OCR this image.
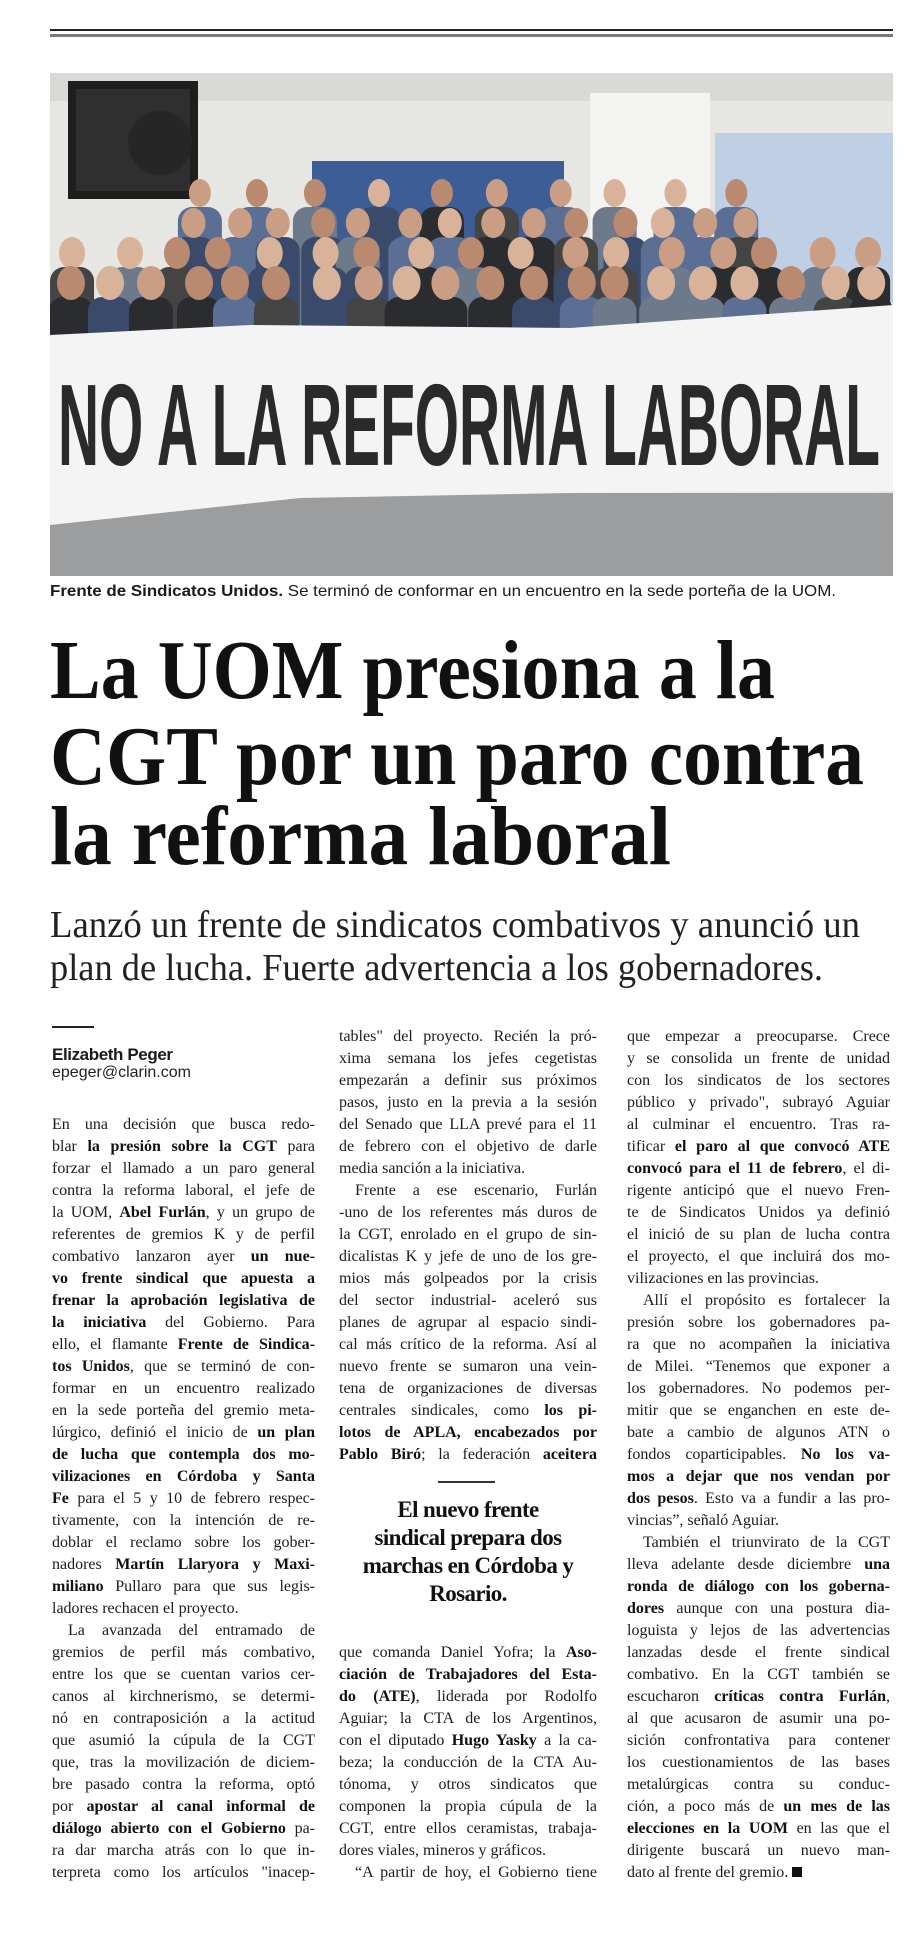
NO A LA REFORMA LABORAL
Frente de Sindicatos Unidos. Se terminó de conformar en un encuentro en la sede porteña de la UOM.
La UOM presiona a la
CGT por un paro contra
la reforma laboral
Lanzó un frente de sindicatos combativos y anunció un
plan de lucha. Fuerte advertencia a los gobernadores.
Elizabeth Peger
epeger@clarin.com
En una decisión que busca redo-
blar la presión sobre la CGT para
forzar el llamado a un paro general
contra la reforma laboral, el jefe de
la UOM, Abel Furlán, y un grupo de
referentes de gremios K y de perfil
combativo lanzaron ayer un nue-
vo frente sindical que apuesta a
frenar la aprobación legislativa de
la iniciativa del Gobierno. Para
ello, el flamante Frente de Sindica-
tos Unidos, que se terminó de con-
formar en un encuentro realizado
en la sede porteña del gremio meta-
lúrgico, definió el inicio de un plan
de lucha que contempla dos mo-
vilizaciones en Córdoba y Santa
Fe para el 5 y 10 de febrero respec-
tivamente, con la intención de re-
doblar el reclamo sobre los gober-
nadores Martín Llaryora y Maxi-
miliano Pullaro para que sus legis-
ladores rechacen el proyecto.
La avanzada del entramado de
gremios de perfil más combativo,
entre los que se cuentan varios cer-
canos al kirchnerismo, se determi-
nó en contraposición a la actitud
que asumió la cúpula de la CGT
que, tras la movilización de diciem-
bre pasado contra la reforma, optó
por apostar al canal informal de
diálogo abierto con el Gobierno pa-
ra dar marcha atrás con lo que in-
terpreta como los artículos "inacep-
tables" del proyecto. Recién la pró-
xima semana los jefes cegetistas
empezarán a definir sus próximos
pasos, justo en la previa a la sesión
del Senado que LLA prevé para el 11
de febrero con el objetivo de darle
media sanción a la iniciativa.
Frente a ese escenario, Furlán
-uno de los referentes más duros de
la CGT, enrolado en el grupo de sin-
dicalistas K y jefe de uno de los gre-
mios más golpeados por la crisis
del sector industrial- aceleró sus
planes de agrupar al espacio sindi-
cal más crítico de la reforma. Así al
nuevo frente se sumaron una vein-
tena de organizaciones de diversas
centrales sindicales, como los pi-
lotos de APLA, encabezados por
Pablo Biró; la federación aceitera
El nuevo frente
sindical prepara dos
marchas en Córdoba y
Rosario.
que comanda Daniel Yofra; la Aso-
ciación de Trabajadores del Esta-
do (ATE), liderada por Rodolfo
Aguiar; la CTA de los Argentinos,
con el diputado Hugo Yasky a la ca-
beza; la conducción de la CTA Au-
tónoma, y otros sindicatos que
componen la propia cúpula de la
CGT, entre ellos ceramistas, trabaja-
dores viales, mineros y gráficos.
“A partir de hoy, el Gobierno tiene
que empezar a preocuparse. Crece
y se consolida un frente de unidad
con los sindicatos de los sectores
público y privado", subrayó Aguiar
al culminar el encuentro. Tras ra-
tificar el paro al que convocó ATE
convocó para el 11 de febrero, el di-
rigente anticipó que el nuevo Fren-
te de Sindicatos Unidos ya definió
el inició de su plan de lucha contra
el proyecto, el que incluirá dos mo-
vilizaciones en las provincias.
Allí el propósito es fortalecer la
presión sobre los gobernadores pa-
ra que no acompañen la iniciativa
de Milei. “Tenemos que exponer a
los gobernadores. No podemos per-
mitir que se enganchen en este de-
bate a cambio de algunos ATN o
fondos coparticipables. No los va-
mos a dejar que nos vendan por
dos pesos. Esto va a fundir a las pro-
vincias”, señaló Aguiar.
También el triunvirato de la CGT
lleva adelante desde diciembre una
ronda de diálogo con los goberna-
dores aunque con una postura dia-
loguista y lejos de las advertencias
lanzadas desde el frente sindical
combativo. En la CGT también se
escucharon críticas contra Furlán,
al que acusaron de asumir una po-
sición confrontativa para contener
los cuestionamientos de las bases
metalúrgicas contra su conduc-
ción, a poco más de un mes de las
elecciones en la UOM en las que el
dirigente buscará un nuevo man-
dato al frente del gremio.
